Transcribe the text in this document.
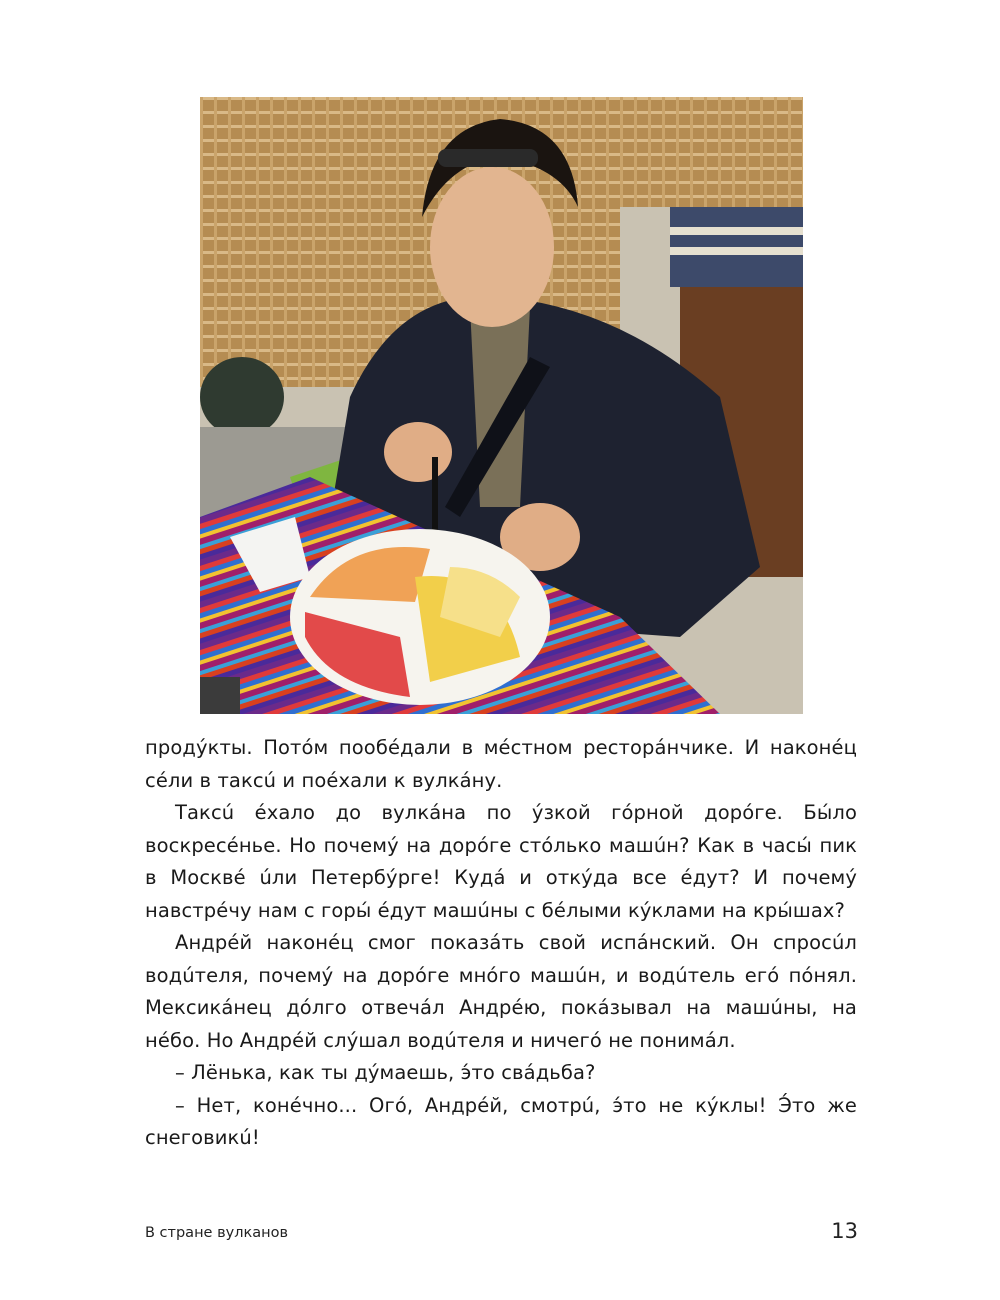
продýкты. Потóм пообéдали в мéстном ресторáнчике. И наконéц сéли в таксú и поéхали к вулкáну.

Таксú éхало до вулкáна по ýзкой гóрной дорóге. Бы́ло воскресéнье. Но почемý на дорóге стóлько машúн? Как в часы́ пик в Москвé úли Петербýрге! Кудá и откýда все éдут? И почемý навстрéчу нам с горы́ éдут машúны с бéлыми кýклами на кры́шах?

Андрéй наконéц смог показáть свой испáнский. Он спросúл водúтеля, почемý на дорóге мнóго машúн, и водúтель егó пóнял. Мексикáнец дóлго отвечáл Андрéю, покáзывал на машúны, на нéбо. Но Андрéй слýшал водúтеля и ничегó не понимáл.

– Лёнька, как ты дýмаешь, э́то свáдьба?

– Нет, конéчно... Огó, Андрéй, смотрú, э́то не кýклы! Э́то же снеговикú!

В стране вулканов	13
